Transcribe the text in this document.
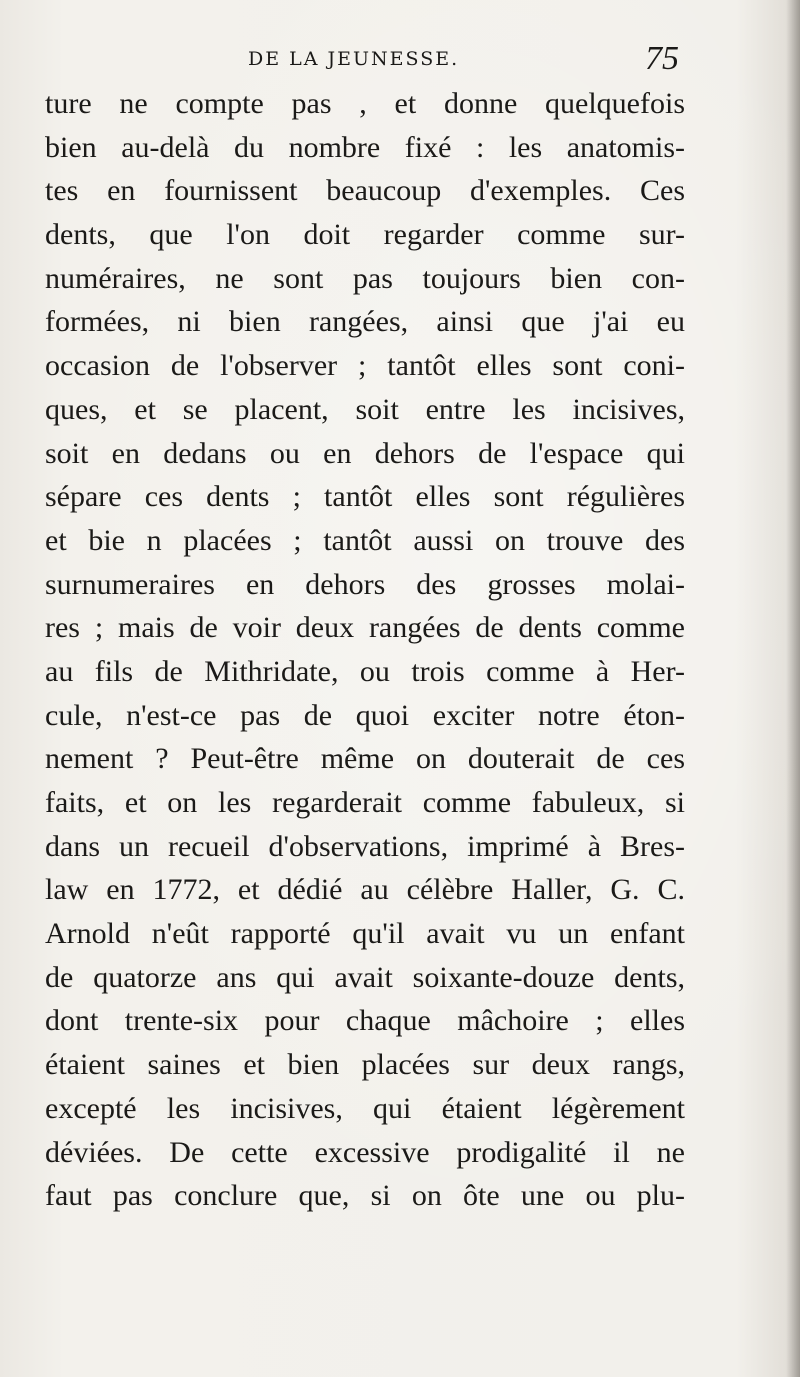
DE LA JEUNESSE.	75
ture ne compte pas , et donne quelquefois
bien au-delà du nombre fixé : les anatomis-
tes en fournissent beaucoup d'exemples. Ces
dents, que l'on doit regarder comme sur-
numéraires, ne sont pas toujours bien con-
formées, ni bien rangées, ainsi que j'ai eu
occasion de l'observer ; tantôt elles sont coni-
ques, et se placent, soit entre les incisives,
soit en dedans ou en dehors de l'espace qui
sépare ces dents ; tantôt elles sont régulières
et bie n placées ; tantôt aussi on trouve des
surnumeraires en dehors des grosses molai-
res ; mais de voir deux rangées de dents comme
au fils de Mithridate, ou trois comme à Her-
cule, n'est-ce pas de quoi exciter notre éton-
nement ? Peut-être même on douterait de ces
faits, et on les regarderait comme fabuleux, si
dans un recueil d'observations, imprimé à Bres-
law en 1772, et dédié au célèbre Haller, G. C.
Arnold n'eût rapporté qu'il avait vu un enfant
de quatorze ans qui avait soixante-douze dents,
dont trente-six pour chaque mâchoire ; elles
étaient saines et bien placées sur deux rangs,
excepté les incisives, qui étaient légèrement
déviées. De cette excessive prodigalité il ne
faut pas conclure que, si on ôte une ou plu-
